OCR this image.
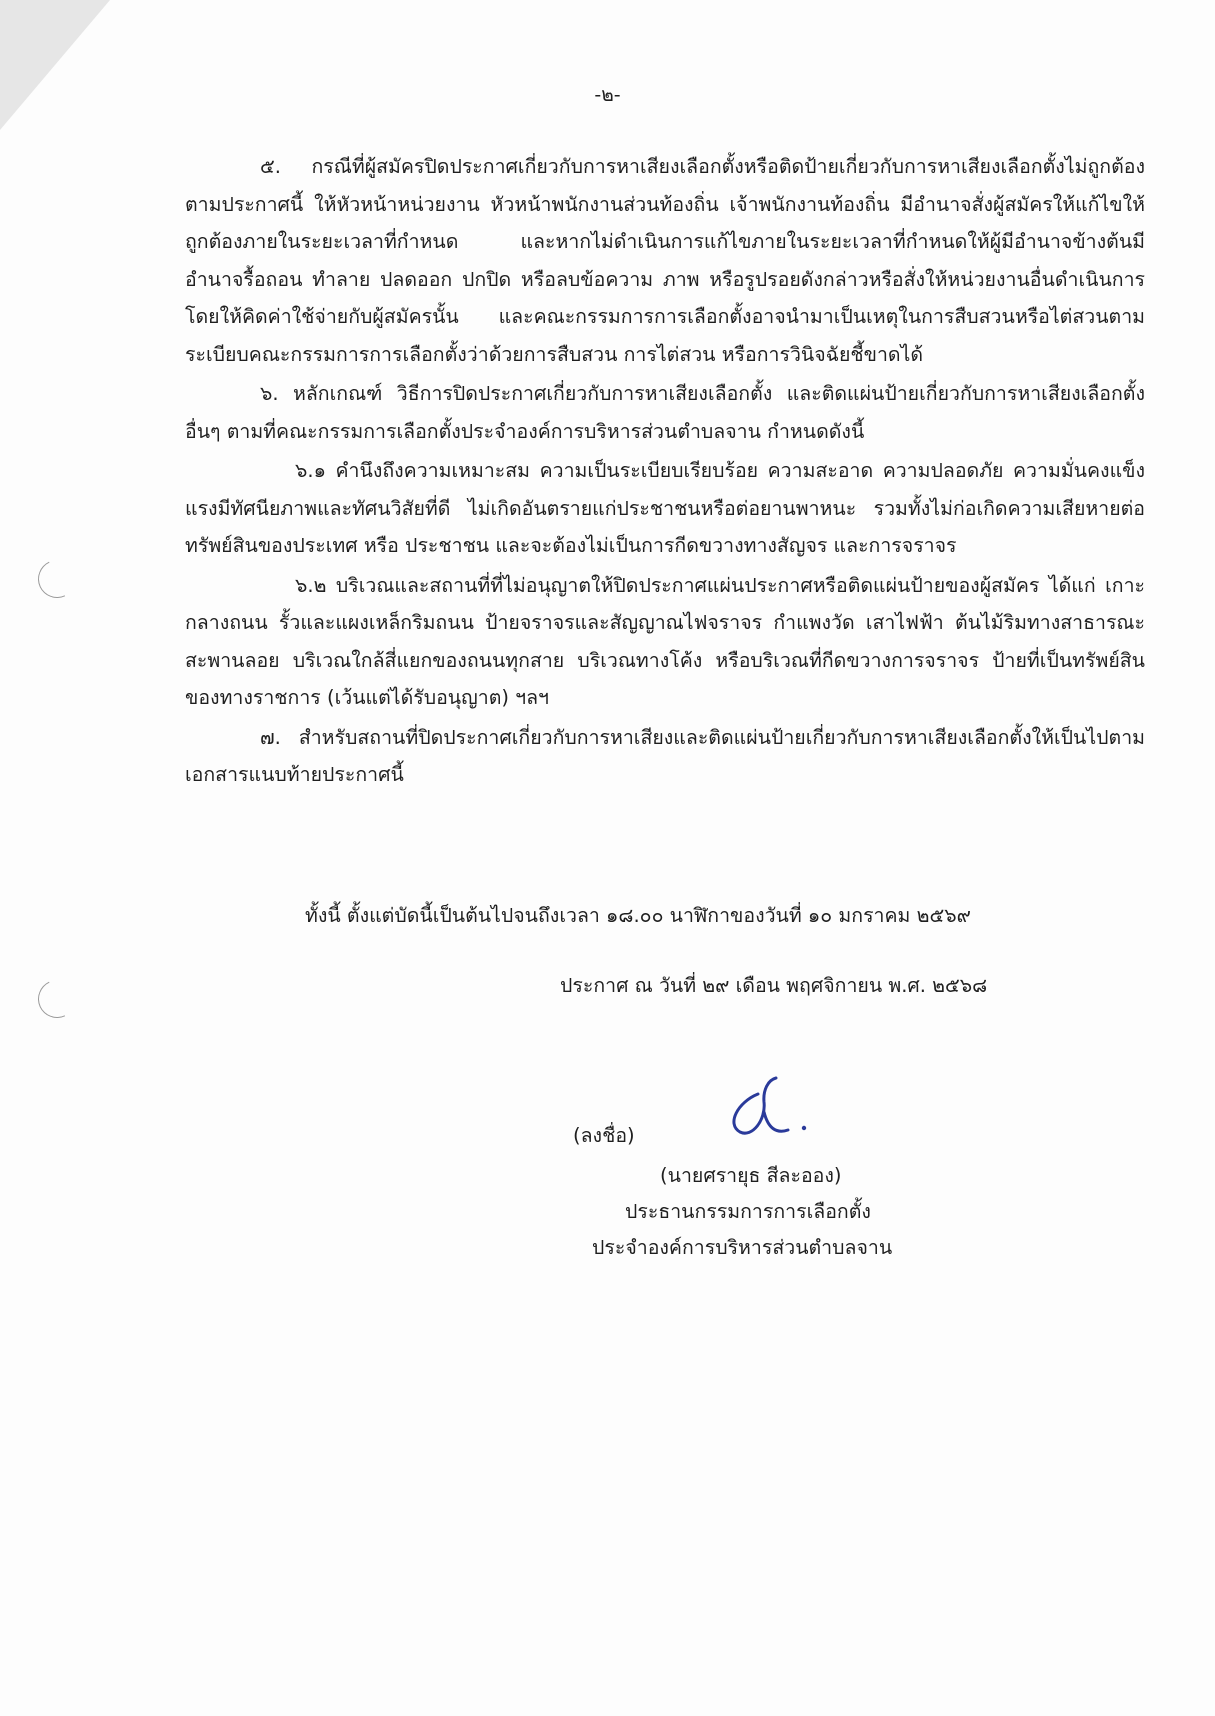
-๒-

๕. กรณีที่ผู้สมัครปิดประกาศเกี่ยวกับการหาเสียงเลือกตั้งหรือติดป้ายเกี่ยวกับการหาเสียงเลือกตั้งไม่ถูกต้องตามประกาศนี้ ให้หัวหน้าหน่วยงาน หัวหน้าพนักงานส่วนท้องถิ่น เจ้าพนักงานท้องถิ่น มีอำนาจสั่งผู้สมัครให้แก้ไขให้ถูกต้องภายในระยะเวลาที่กำหนด และหากไม่ดำเนินการแก้ไขภายในระยะเวลาที่กำหนดให้ผู้มีอำนาจข้างต้นมีอำนาจรื้อถอน ทำลาย ปลดออก ปกปิด หรือลบข้อความ ภาพ หรือรูปรอยดังกล่าวหรือสั่งให้หน่วยงานอื่นดำเนินการ โดยให้คิดค่าใช้จ่ายกับผู้สมัครนั้น และคณะกรรมการการเลือกตั้งอาจนำมาเป็นเหตุในการสืบสวนหรือไต่สวนตามระเบียบคณะกรรมการการเลือกตั้งว่าด้วยการสืบสวน การไต่สวน หรือการวินิจฉัยชี้ขาดได้

๖. หลักเกณฑ์ วิธีการปิดประกาศเกี่ยวกับการหาเสียงเลือกตั้ง และติดแผ่นป้ายเกี่ยวกับการหาเสียงเลือกตั้งอื่นๆ ตามที่คณะกรรมการเลือกตั้งประจำองค์การบริหารส่วนตำบลจาน กำหนดดังนี้

๖.๑ คำนึงถึงความเหมาะสม ความเป็นระเบียบเรียบร้อย ความสะอาด ความปลอดภัย ความมั่นคงแข็งแรงมีทัศนียภาพและทัศนวิสัยที่ดี ไม่เกิดอันตรายแก่ประชาชนหรือต่อยานพาหนะ รวมทั้งไม่ก่อเกิดความเสียหายต่อทรัพย์สินของประเทศ หรือ ประชาชน และจะต้องไม่เป็นการกีดขวางทางสัญจร และการจราจร

๖.๒ บริเวณและสถานที่ที่ไม่อนุญาตให้ปิดประกาศแผ่นประกาศหรือติดแผ่นป้ายของผู้สมัคร ได้แก่ เกาะกลางถนน รั้วและแผงเหล็กริมถนน ป้ายจราจรและสัญญาณไฟจราจร กำแพงวัด เสาไฟฟ้า ต้นไม้ริมทางสาธารณะ สะพานลอย บริเวณใกล้สี่แยกของถนนทุกสาย บริเวณทางโค้ง หรือบริเวณที่กีดขวางการจราจร ป้ายที่เป็นทรัพย์สินของทางราชการ (เว้นแต่ได้รับอนุญาต) ฯลฯ

๗. สำหรับสถานที่ปิดประกาศเกี่ยวกับการหาเสียงและติดแผ่นป้ายเกี่ยวกับการหาเสียงเลือกตั้งให้เป็นไปตามเอกสารแนบท้ายประกาศนี้

ทั้งนี้ ตั้งแต่บัดนี้เป็นต้นไปจนถึงเวลา ๑๘.๐๐ นาฬิกาของวันที่ ๑๐ มกราคม ๒๕๖๙
ประกาศ ณ วันที่ ๒๙ เดือน พฤศจิกายน พ.ศ. ๒๕๖๘
(ลงชื่อ)
(นายศรายุธ สีละออง)
ประธานกรรมการการเลือกตั้ง
ประจำองค์การบริหารส่วนตำบลจาน
